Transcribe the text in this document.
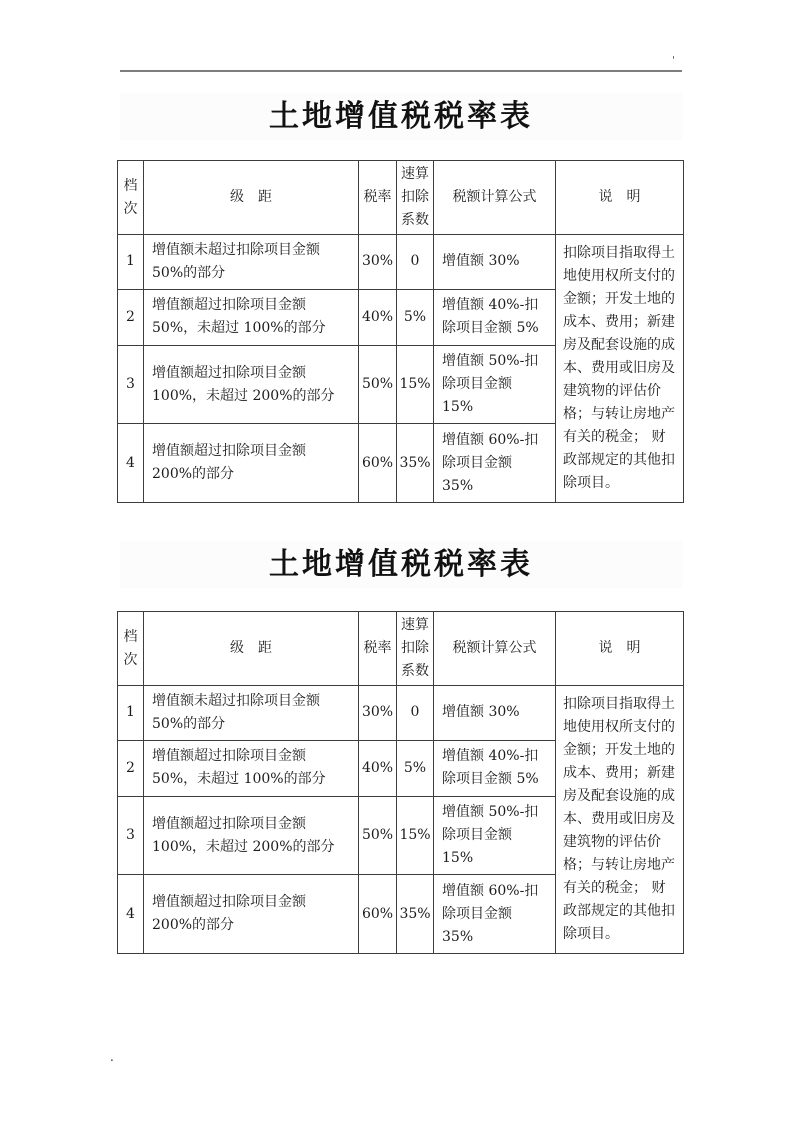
'
土地增值税税率表
档次	级　距	税率	速算扣除系数	税额计算公式	说　明
1	增值额未超过扣除项目金额 50%的部分	30%	0	增值额 30%	扣除项目指取得土地使用权所支付的金额；开发土地的成本、费用；新建房及配套设施的成本、费用或旧房及建筑物的评估价格；与转让房地产有关的税金； 财政部规定的其他扣除项目。
2	增值额超过扣除项目金额 50%，未超过 100%的部分	40%	5%	增值额 40%-扣除项目金额 5%	
3	增值额超过扣除项目金额 100%，未超过 200%的部分	50%	15%	增值额 50%-扣除项目金额 15%	
4	增值额超过扣除项目金额 200%的部分	60%	35%	增值额 60%-扣除项目金额 35%	
土地增值税税率表
档次	级　距	税率	速算扣除系数	税额计算公式	说　明
1	增值额未超过扣除项目金额 50%的部分	30%	0	增值额 30%	扣除项目指取得土地使用权所支付的金额；开发土地的成本、费用；新建房及配套设施的成本、费用或旧房及建筑物的评估价格；与转让房地产有关的税金； 财政部规定的其他扣除项目。
2	增值额超过扣除项目金额 50%，未超过 100%的部分	40%	5%	增值额 40%-扣除项目金额 5%	
3	增值额超过扣除项目金额 100%，未超过 200%的部分	50%	15%	增值额 50%-扣除项目金额 15%	
4	增值额超过扣除项目金额 200%的部分	60%	35%	增值额 60%-扣除项目金额 35%	
.
